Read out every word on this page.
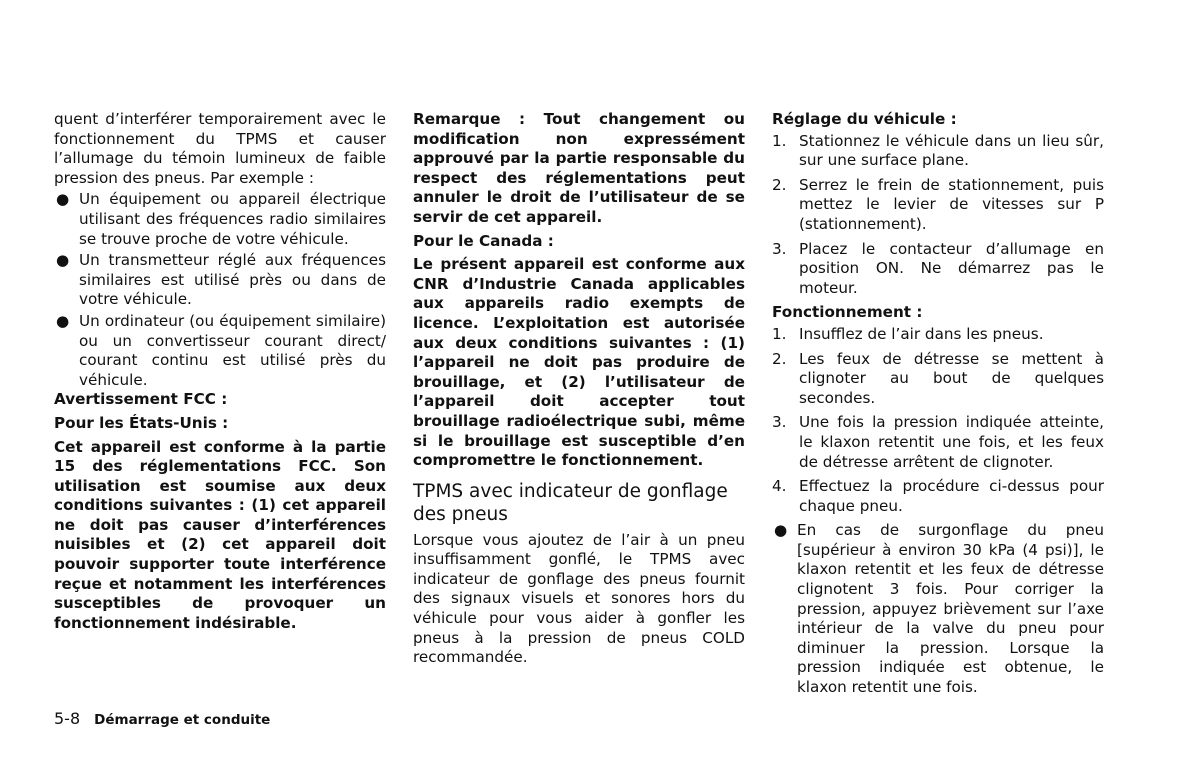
quent d’interférer temporairement avec le fonctionnement du TPMS et causer l’allumage du témoin lumineux de faible pression des pneus. Par exemple :

● Un équipement ou appareil électrique utilisant des fréquences radio similaires se trouve proche de votre véhicule.
● Un transmetteur réglé aux fréquences similaires est utilisé près ou dans de votre véhicule.
● Un ordinateur (ou équipement similaire) ou un convertisseur courant direct/ courant continu est utilisé près du véhicule.

Avertissement FCC :

Pour les États-Unis :

Cet appareil est conforme à la partie 15 des réglementations FCC. Son utilisation est soumise aux deux conditions suivantes : (1) cet appareil ne doit pas causer d’interférences nuisibles et (2) cet appareil doit pouvoir supporter toute interférence reçue et notamment les interférences susceptibles de provoquer un fonctionnement indésirable.

Remarque : Tout changement ou modification non expressément approuvé par la partie responsable du respect des réglementations peut annuler le droit de l’utilisateur de se servir de cet appareil.

Pour le Canada :

Le présent appareil est conforme aux CNR d’Industrie Canada applicables aux appareils radio exempts de licence. L’exploitation est autorisée aux deux conditions suivantes : (1) l’appareil ne doit pas produire de brouillage, et (2) l’utilisateur de l’appareil doit accepter tout brouillage radioélectrique subi, même si le brouillage est susceptible d’en compromettre le fonctionnement.

TPMS avec indicateur de gonflage des pneus

Lorsque vous ajoutez de l’air à un pneu insuffisamment gonflé, le TPMS avec indicateur de gonflage des pneus fournit des signaux visuels et sonores hors du véhicule pour vous aider à gonfler les pneus à la pression de pneus COLD recommandée.

Réglage du véhicule :

1. Stationnez le véhicule dans un lieu sûr, sur une surface plane.
2. Serrez le frein de stationnement, puis mettez le levier de vitesses sur P (stationnement).
3. Placez le contacteur d’allumage en position ON. Ne démarrez pas le moteur.

Fonctionnement :

1. Insufflez de l’air dans les pneus.
2. Les feux de détresse se mettent à clignoter au bout de quelques secondes.
3. Une fois la pression indiquée atteinte, le klaxon retentit une fois, et les feux de détresse arrêtent de clignoter.
4. Effectuez la procédure ci-dessus pour chaque pneu.
● En cas de surgonflage du pneu [supérieur à environ 30 kPa (4 psi)], le klaxon retentit et les feux de détresse clignotent 3 fois. Pour corriger la pression, appuyez brièvement sur l’axe intérieur de la valve du pneu pour diminuer la pression. Lorsque la pression indiquée est obtenue, le klaxon retentit une fois.
5-8 Démarrage et conduite
